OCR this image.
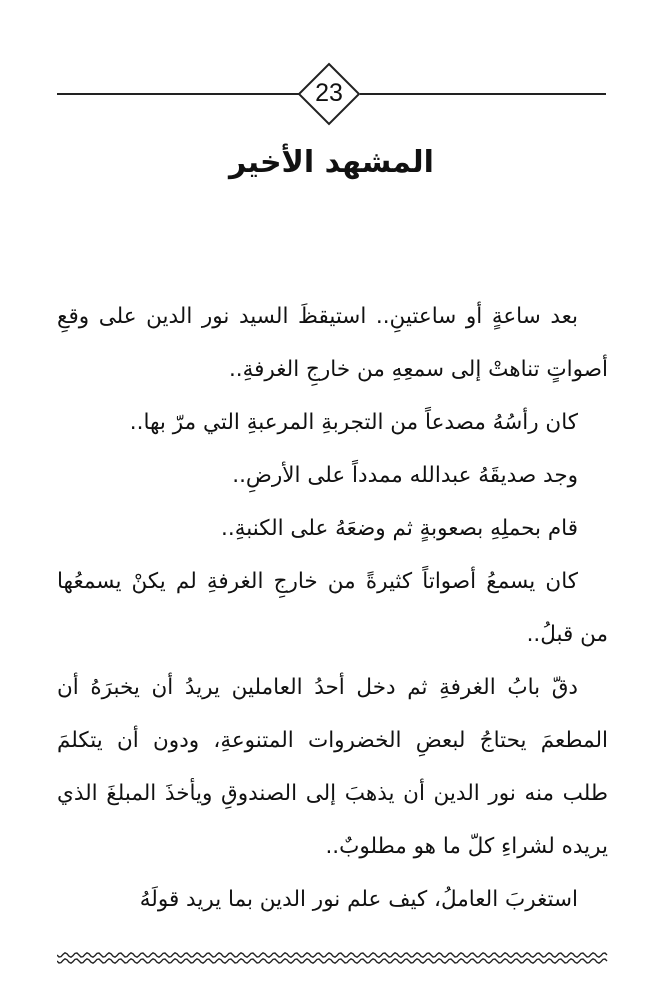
23
المشهد الأخير

بعد ساعةٍ أو ساعتينِ.. استيقظَ السيد نور الدين على وقعِ أصواتٍ تناهتْ إلى سمعِهِ من خارجِ الغرفةِ..

كان رأسُهُ مصدعاً من التجربةِ المرعبةِ التي مرّ بها..

وجد صديقَهُ عبدالله ممدداً على الأرضِ..

قام بحملِهِ بصعوبةٍ ثم وضعَهُ على الكنبةِ..

كان يسمعُ أصواتاً كثيرةً من خارجِ الغرفةِ لم يكنْ يسمعُها من قبلُ..

دقّ بابُ الغرفةِ ثم دخل أحدُ العاملين يريدُ أن يخبرَهُ أن المطعمَ يحتاجُ لبعضِ الخضروات المتنوعةِ، ودون أن يتكلمَ طلب منه نور الدين أن يذهبَ إلى الصندوقِ ويأخذَ المبلغَ الذي يريده لشراءِ كلّ ما هو مطلوبٌ..

استغربَ العاملُ، كيف علم نور الدين بما يريد قولَهُ
